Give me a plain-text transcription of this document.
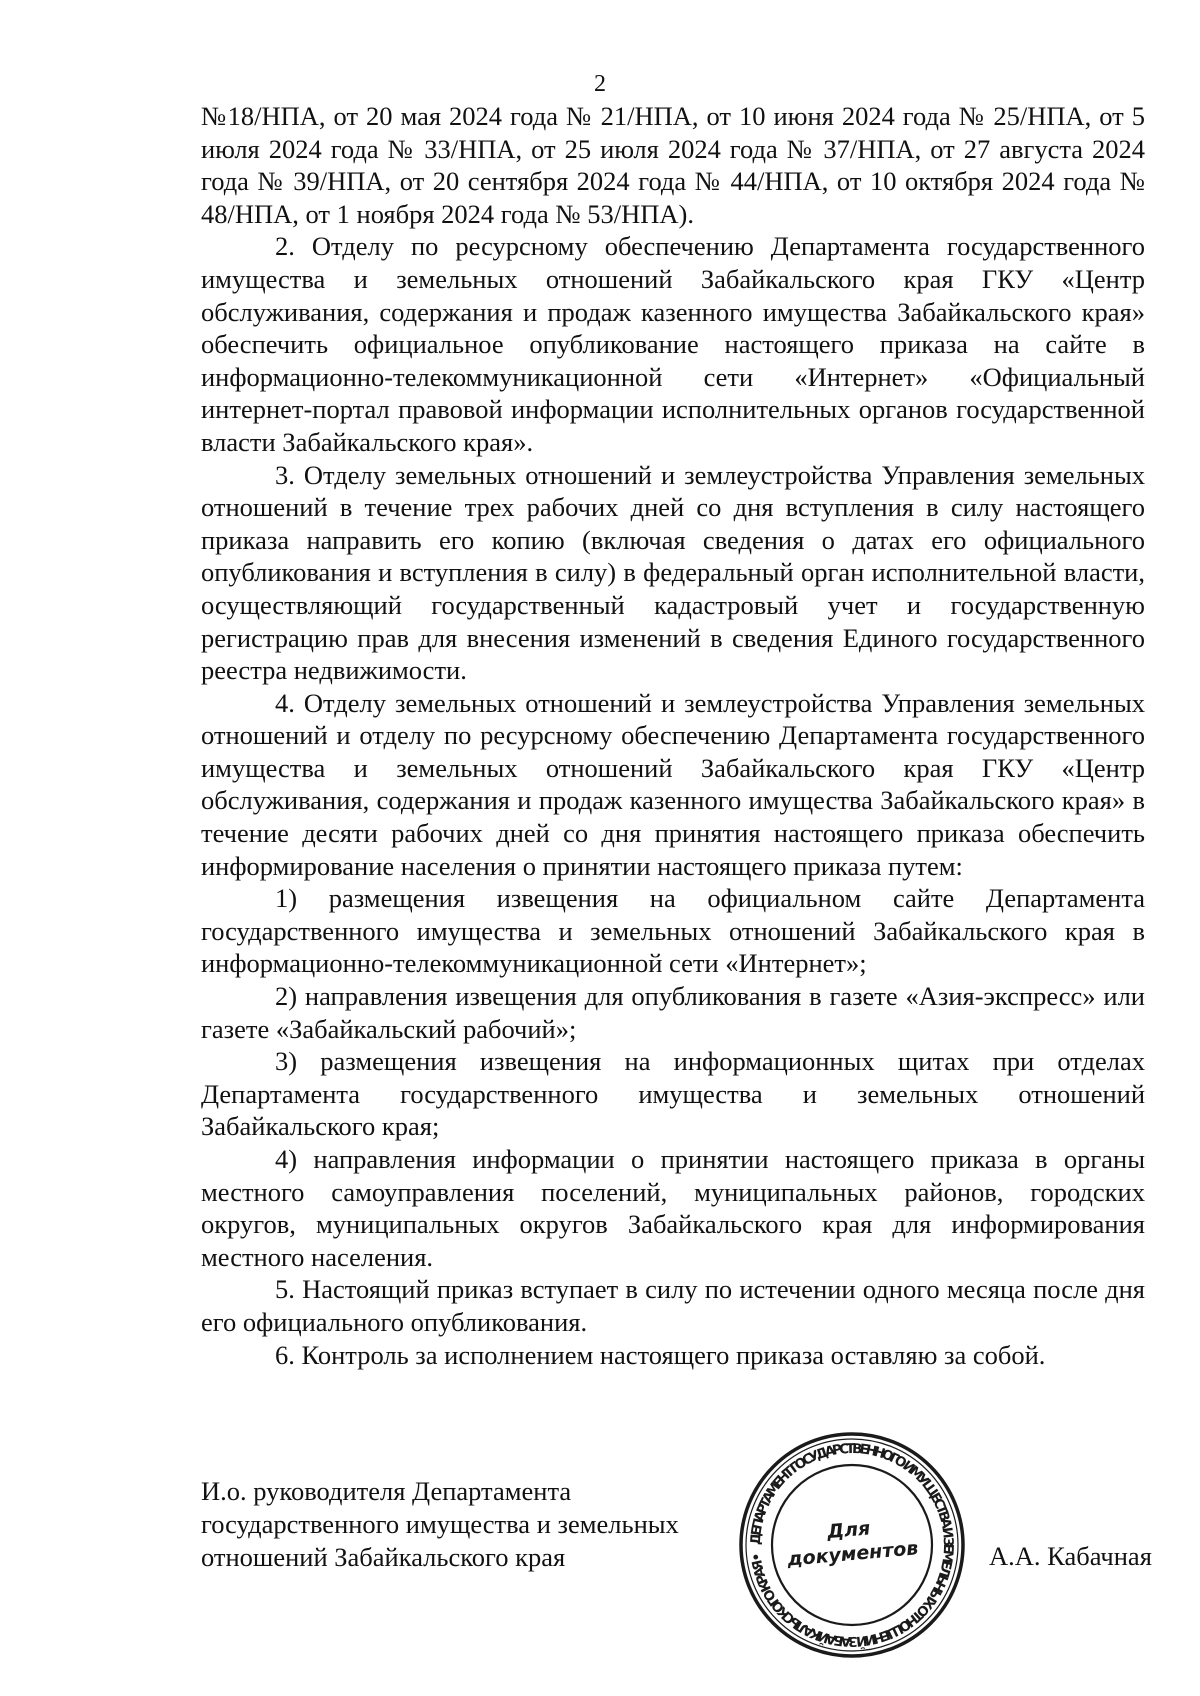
2

№18/НПА, от 20 мая 2024 года № 21/НПА, от 10 июня 2024 года № 25/НПА, от 5 июля 2024 года № 33/НПА, от 25 июля 2024 года № 37/НПА, от 27 августа 2024 года № 39/НПА, от 20 сентября 2024 года № 44/НПА, от 10 октября 2024 года № 48/НПА, от 1 ноября 2024 года № 53/НПА).

2. Отделу по ресурсному обеспечению Департамента государственного имущества и земельных отношений Забайкальского края ГКУ «Центр обслуживания, содержания и продаж казенного имущества Забайкальского края» обеспечить официальное опубликование настоящего приказа на сайте в информационно-телекоммуникационной сети «Интернет» «Официальный интернет-портал правовой информации исполнительных органов государственной власти Забайкальского края».

3. Отделу земельных отношений и землеустройства Управления земельных отношений в течение трех рабочих дней со дня вступления в силу настоящего приказа направить его копию (включая сведения о датах его официального опубликования и вступления в силу) в федеральный орган исполнительной власти, осуществляющий государственный кадастровый учет и государственную регистрацию прав для внесения изменений в сведения Единого государственного реестра недвижимости.

4. Отделу земельных отношений и землеустройства Управления земельных отношений и отделу по ресурсному обеспечению Департамента государственного имущества и земельных отношений Забайкальского края ГКУ «Центр обслуживания, содержания и продаж казенного имущества Забайкальского края» в течение десяти рабочих дней со дня принятия настоящего приказа обеспечить информирование населения о принятии настоящего приказа путем:

1) размещения извещения на официальном сайте Департамента государственного имущества и земельных отношений Забайкальского края в информационно-телекоммуникационной сети «Интернет»;

2) направления извещения для опубликования в газете «Азия-экспресс» или газете «Забайкальский рабочий»;

3) размещения извещения на информационных щитах при отделах Департамента государственного имущества и земельных отношений Забайкальского края;

4) направления информации о принятии настоящего приказа в органы местного самоуправления поселений, муниципальных районов, городских округов, муниципальных округов Забайкальского края для информирования местного населения.

5. Настоящий приказ вступает в силу по истечении одного месяца после дня его официального опубликования.

6. Контроль за исполнением настоящего приказа оставляю за собой.

И.о. руководителя Департамента
государственного имущества и земельных
отношений Забайкальского края
ДЕПАРТАМЕНТ ГОСУДАРСТВЕННОГО ИМУЩЕСТВА И ЗЕМЕЛЬНЫХ ОТНОШЕНИЙ ЗАБАЙКАЛЬСКОГО КРАЯ •
Для
документов	А.А. Кабачная
